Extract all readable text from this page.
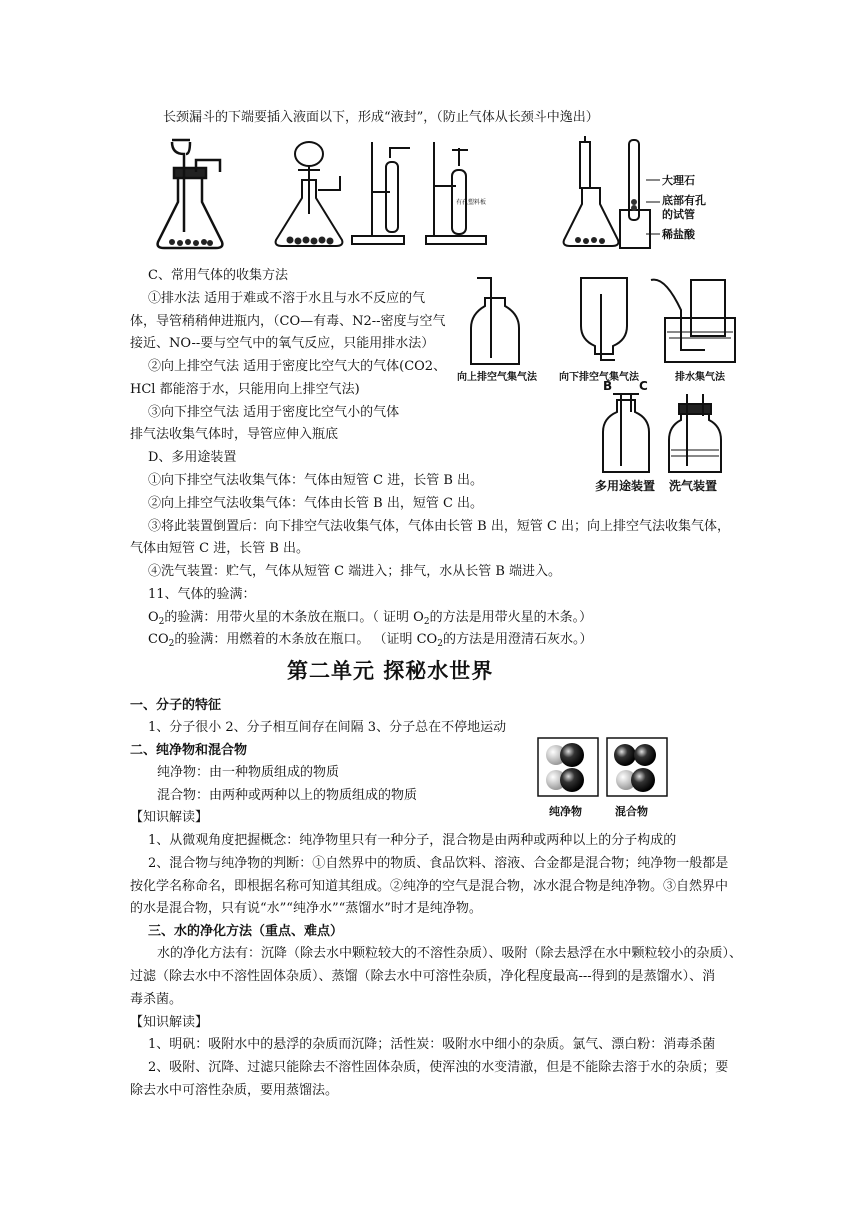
长颈漏斗的下端要插入液面以下，形成“液封”，（防止气体从长颈斗中逸出）
有孔塑料板
大理石
底部有孔
的试管
稀盐酸
C、常用气体的收集方法
①排水法 适用于难或不溶于水且与水不反应的气
体，导管稍稍伸进瓶内，（CO—有毒、N2--密度与空气
接近、NO--要与空气中的氧气反应，只能用排水法）
②向上排空气法 适用于密度比空气大的气体(CO2、
HCl 都能溶于水，只能用向上排空气法)
③向下排空气法 适用于密度比空气小的气体
排气法收集气体时，导管应伸入瓶底
向上排空气集气法 向下排空气集气法	排水集气法
B C
多用途装置 洗气装置
D、多用途装置
①向下排空气法收集气体：气体由短管 C 进，长管 B 出。
②向上排空气法收集气体：气体由长管 B 出，短管 C 出。
③将此装置倒置后：向下排空气法收集气体，气体由长管 B 出，短管 C 出；向上排空气法收集气体，
气体由短管 C 进，长管 B 出。
④洗气装置：贮气，气体从短管 C 端进入；排气，水从长管 B 端进入。
11、气体的验满：
$O_2$的验满：用带火星的木条放在瓶口。（ 证明 $O_2$的方法是用带火星的木条。）
$CO_2$的验满：用燃着的木条放在瓶口。 （证明 $CO_2$的方法是用澄清石灰水。）
第二单元 探秘水世界
一、分子的特征
1、分子很小 2、分子相互间存在间隔 3、分子总在不停地运动
二、纯净物和混合物
纯净物：由一种物质组成的物质
混合物：由两种或两种以上的物质组成的物质
【知识解读】	纯净物	混合物
1、从微观角度把握概念：纯净物里只有一种分子，混合物是由两种或两种以上的分子构成的
2、混合物与纯净物的判断：①自然界中的物质、食品饮料、溶液、合金都是混合物；纯净物一般都是
按化学名称命名，即根据名称可知道其组成。②纯净的空气是混合物，冰水混合物是纯净物。③自然界中
的水是混合物，只有说“水”“纯净水”“蒸馏水”时才是纯净物。
三、水的净化方法（重点、难点）
水的净化方法有：沉降（除去水中颗粒较大的不溶性杂质）、吸附（除去悬浮在水中颗粒较小的杂质）、
过滤（除去水中不溶性固体杂质）、蒸馏（除去水中可溶性杂质，净化程度最高---得到的是蒸馏水）、消
毒杀菌。
【知识解读】
1、明矾：吸附水中的悬浮的杂质而沉降；活性炭：吸附水中细小的杂质。氯气、漂白粉：消毒杀菌
2、吸附、沉降、过滤只能除去不溶性固体杂质，使浑浊的水变清澈，但是不能除去溶于水的杂质；要
除去水中可溶性杂质，要用蒸馏法。
